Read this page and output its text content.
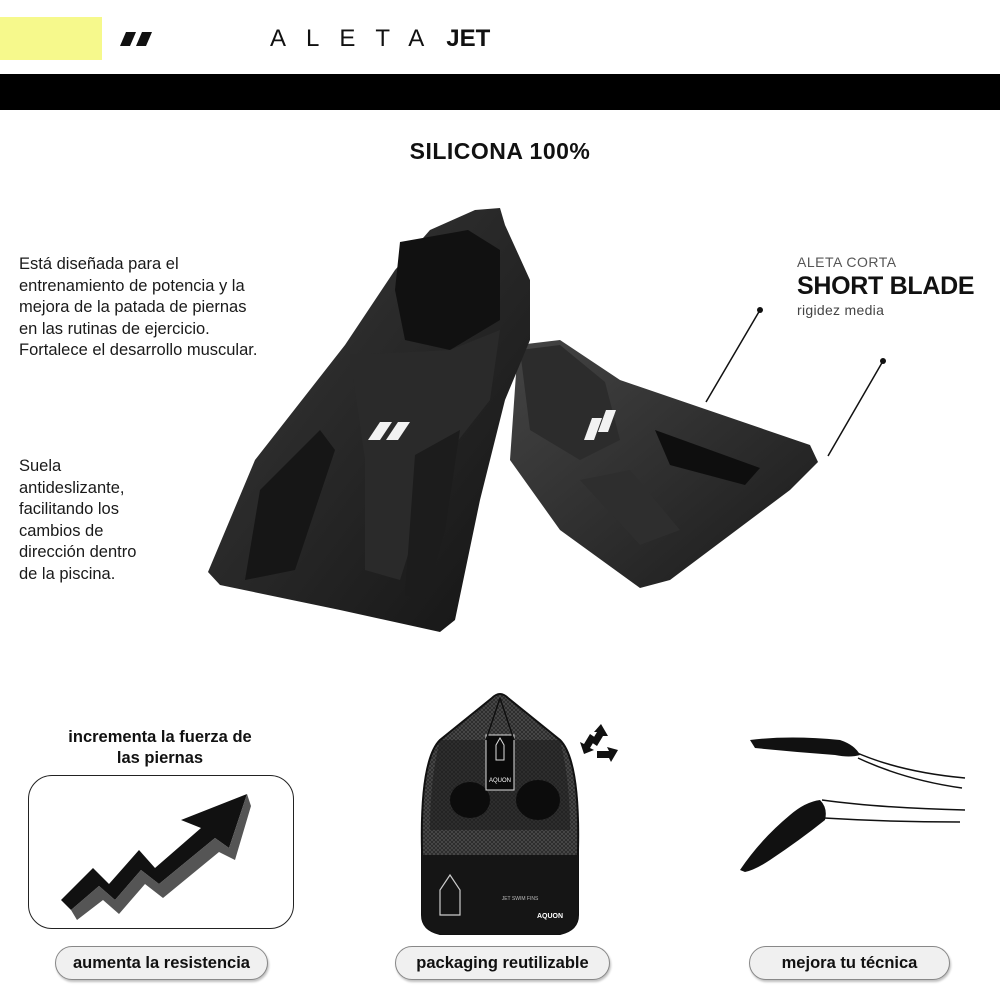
ALETA JET
SILICONA 100%
Está diseñada para el
entrenamiento de potencia y la
mejora de la patada de piernas
en las rutinas de ejercicio.
Fortalece el desarrollo muscular.
Suela
antideslizante,
facilitando los
cambios de
dirección dentro
de la piscina.
ALETA CORTA
SHORT BLADE
rigidez media
incrementa la fuerza de
las piernas
AQUON
JET SWIM FINS
AQUON
aumenta la resistencia	packaging reutilizable	mejora tu técnica
